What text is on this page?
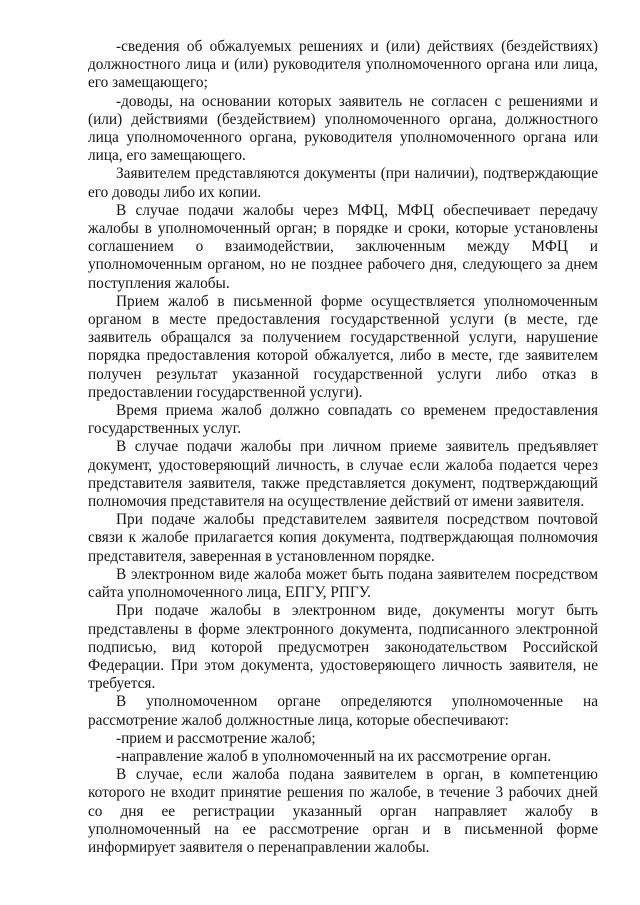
-сведения об обжалуемых решениях и (или) действиях (бездействиях) должностного лица и (или) руководителя уполномоченного органа или лица, его замещающего;

-доводы, на основании которых заявитель не согласен с решениями и (или) действиями (бездействием) уполномоченного органа, должностного лица уполномоченного органа, руководителя уполномоченного органа или лица, его замещающего.

Заявителем представляются документы (при наличии), подтверждающие его доводы либо их копии.

В случае подачи жалобы через МФЦ, МФЦ обеспечивает передачу жалобы в уполномоченный орган; в порядке и сроки, которые установлены соглашением о взаимодействии, заключенным между МФЦ и уполномоченным органом, но не позднее рабочего дня, следующего за днем поступления жалобы.

Прием жалоб в письменной форме осуществляется уполномоченным органом в месте предоставления государственной услуги (в месте, где заявитель обращался за получением государственной услуги, нарушение порядка предоставления которой обжалуется, либо в месте, где заявителем получен результат указанной государственной услуги либо отказ в предоставлении государственной услуги).

Время приема жалоб должно совпадать со временем предоставления государственных услуг.

В случае подачи жалобы при личном приеме заявитель предъявляет документ, удостоверяющий личность, в случае если жалоба подается через представителя заявителя, также представляется документ, подтверждающий полномочия представителя на осуществление действий от имени заявителя.

При подаче жалобы представителем заявителя посредством почтовой связи к жалобе прилагается копия документа, подтверждающая полномочия представителя, заверенная в установленном порядке.

В электронном виде жалоба может быть подана заявителем посредством сайта уполномоченного лица, ЕПГУ, РПГУ.

При подаче жалобы в электронном виде, документы могут быть представлены в форме электронного документа, подписанного электронной подписью, вид которой предусмотрен законодательством Российской Федерации. При этом документа, удостоверяющего личность заявителя, не требуется.

В уполномоченном органе определяются уполномоченные на рассмотрение жалоб должностные лица, которые обеспечивают:

-прием и рассмотрение жалоб;

-направление жалоб в уполномоченный на их рассмотрение орган.

В случае, если жалоба подана заявителем в орган, в компетенцию которого не входит принятие решения по жалобе, в течение 3 рабочих дней со дня ее регистрации указанный орган направляет жалобу в уполномоченный на ее рассмотрение орган и в письменной форме информирует заявителя о перенаправлении жалобы.
